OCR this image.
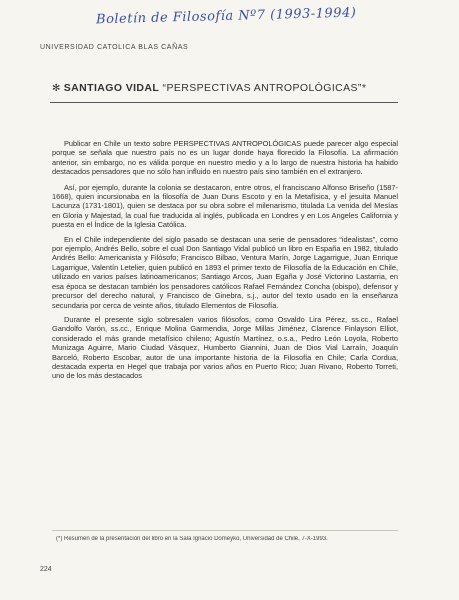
Boletín de Filosofía Nº7 (1993-1994)
UNIVERSIDAD CATOLICA BLAS CAÑAS
✻ SANTIAGO VIDAL “PERSPECTIVAS ANTROPOLÓGICAS”*

Publicar en Chile un texto sobre PERSPECTIVAS ANTROPOLÓGICAS puede parecer algo especial porque se señala que nuestro país no es un lugar donde haya florecido la Filosofía. La afirmación anterior, sin embargo, no es válida porque en nuestro medio y a lo largo de nuestra historia ha habido destacados pensadores que no sólo han influido en nuestro país sino también en el extranjero.

Así, por ejemplo, durante la colonia se destacaron, entre otros, el franciscano Alfonso Briseño (1587-1668), quien incursionaba en la filosofía de Juan Duns Escoto y en la Metafísica, y el jesuita Manuel Lacunza (1731-1801), quien se destaca por su obra sobre el milenarismo, titulada La venida del Mesías en Gloria y Majestad, la cual fue traducida al inglés, publicada en Londres y en Los Angeles California y puesta en el Índice de la Iglesia Católica.

En el Chile independiente del siglo pasado se destacan una serie de pensadores “idealistas”, como por ejemplo, Andrés Bello, sobre el cual Don Santiago Vidal publicó un libro en España en 1982, titulado Andrés Bello: Americanista y Filósofo; Francisco Bilbao, Ventura Marín, Jorge Lagarrigue, Juan Enrique Lagarrigue, Valentín Letelier, quien publicó en 1893 el primer texto de Filosofía de la Educación en Chile, utilizado en varios países latinoamericanos; Santiago Arcos, Juan Egaña y José Victorino Lastarria, en esa época se destacan también los pensadores católicos Rafael Fernández Concha (obispo), defensor y precursor del derecho natural, y Francisco de Ginebra, s.j., autor del texto usado en la enseñanza secundaria por cerca de veinte años, titulado Elementos de Filosofía.

Durante el presente siglo sobresalen varios filósofos, como Osvaldo Lira Pérez, ss.cc., Rafael Gandolfo Varón, ss.cc., Enrique Molina Garmendia, Jorge Millas Jiménez, Clarence Finlayson Elliot, considerado el más grande metafísico chileno; Agustín Martínez, o.s.a., Pedro León Loyola, Roberto Munizaga Aguirre, Mario Ciudad Vásquez, Humberto Giannini, Juan de Dios Vial Larraín, Joaquín Barceló, Roberto Escobar, autor de una importante historia de la Filosofía en Chile; Carla Cordua, destacada experta en Hegel que trabaja por varios años en Puerto Rico; Juan Rivano, Roberto Torreti, uno de los más destacados

(*) Resumen de la presentación del libro en la Sala Ignacio Domeyko, Universidad de Chile, 7-X-1993.
224
